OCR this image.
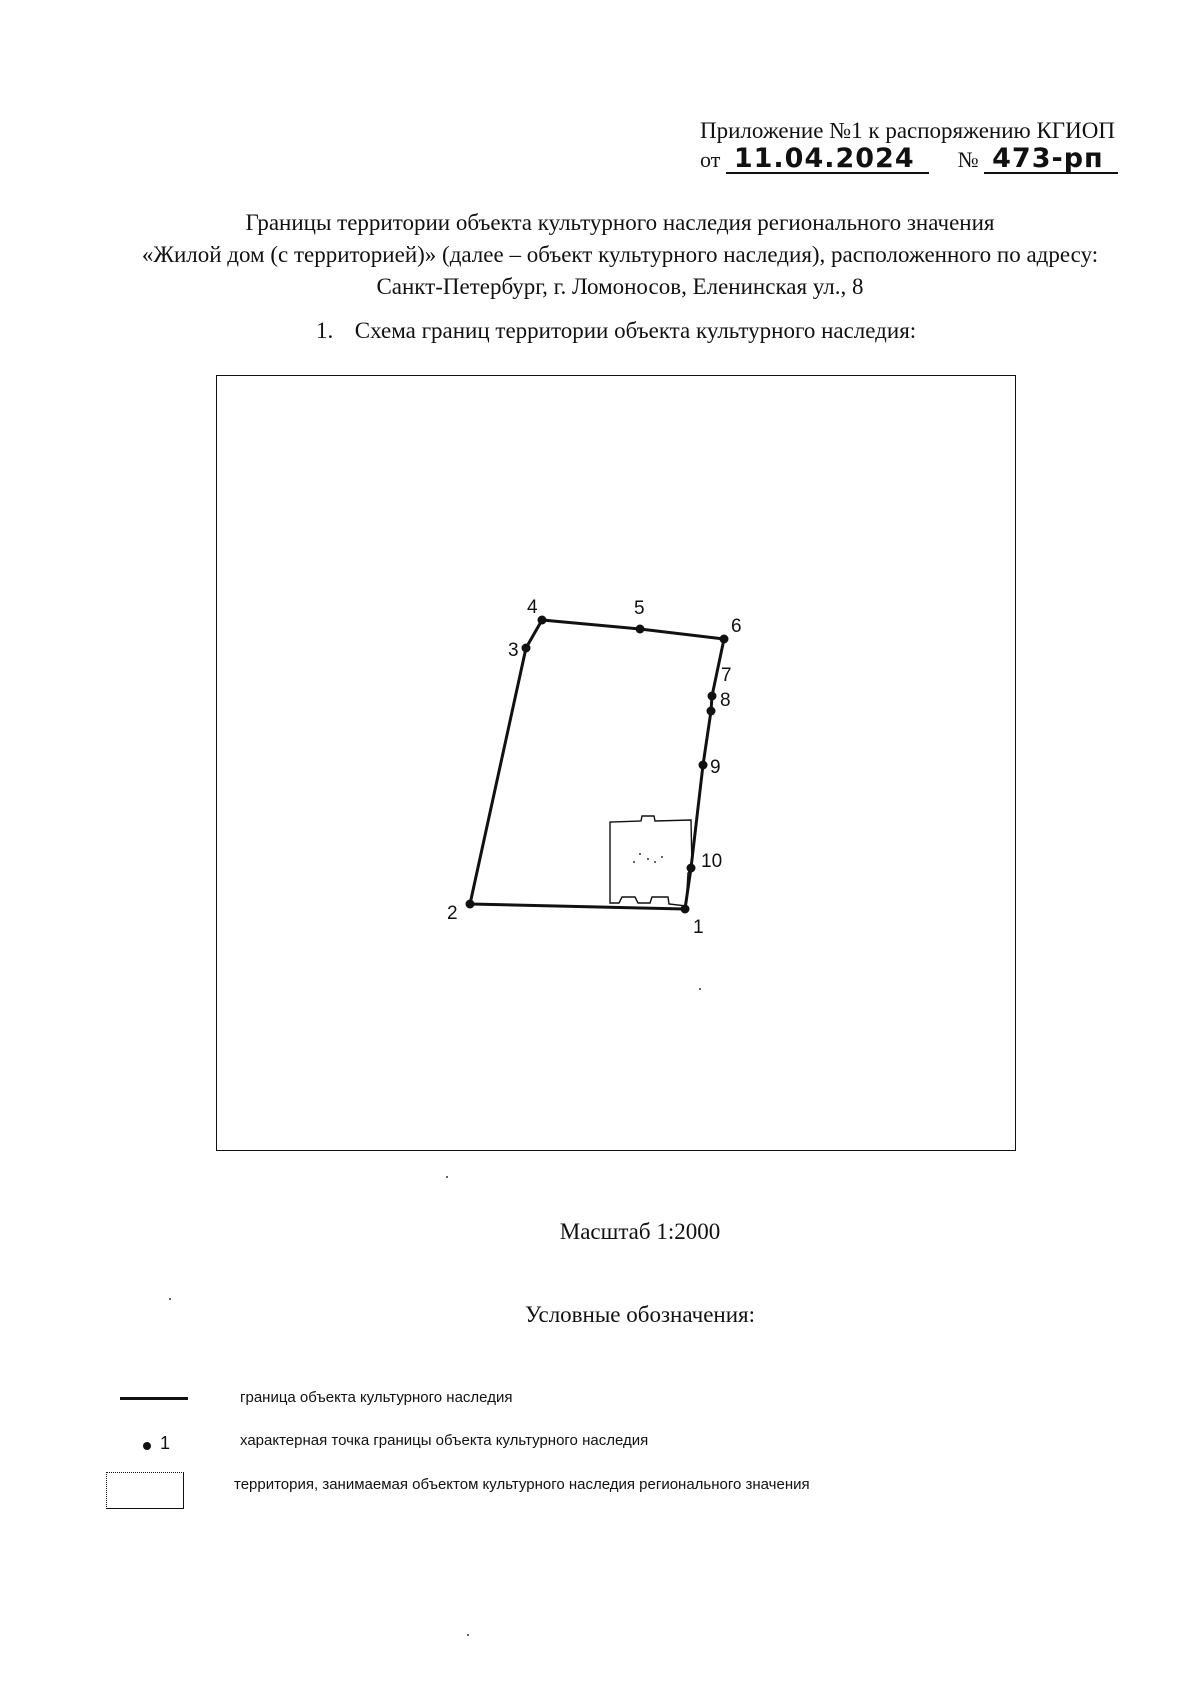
Приложение №1 к распоряжению КГИОП
от 11.04.2024 № 473-рп
Границы территории объекта культурного наследия регионального значения
«Жилой дом (с территорией)» (далее – объект культурного наследия), расположенного по адресу:
Санкт-Петербург, г. Ломоносов, Еленинская ул., 8
1. Схема границ территории объекта культурного наследия:
1
2
3
4	5
6
7
8
9
10
Масштаб 1:2000
Условные обозначения:
граница объекта культурного наследия
1	характерная точка границы объекта культурного наследия
территория, занимаемая объектом культурного наследия регионального значения
